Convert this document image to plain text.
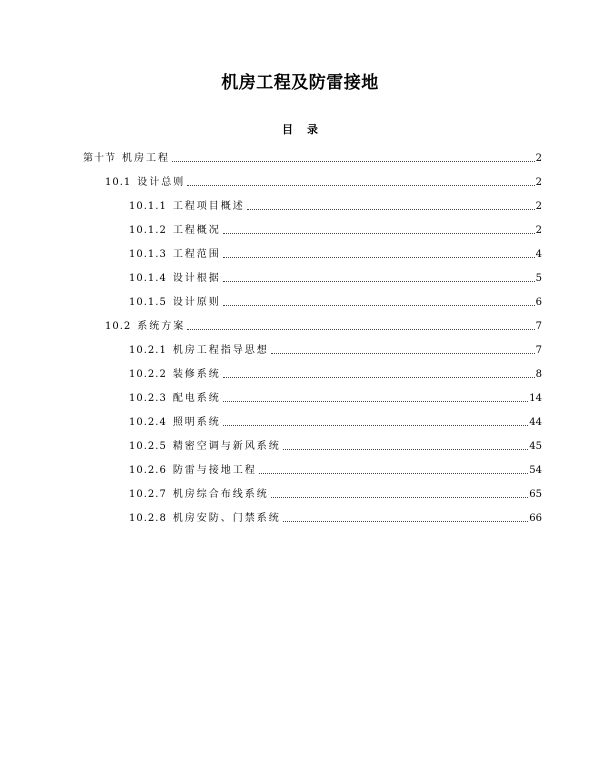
机房工程及防雷接地
目录
第十节 机房工程	2
10.1 设计总则	2
10.1.1 工程项目概述	2
10.1.2 工程概况	2
10.1.3 工程范围	4
10.1.4 设计根据	5
10.1.5 设计原则	6
10.2 系统方案	7
10.2.1 机房工程指导思想	7
10.2.2 装修系统	8
10.2.3 配电系统	14
10.2.4 照明系统	44
10.2.5 精密空调与新风系统	45
10.2.6 防雷与接地工程	54
10.2.7 机房综合布线系统	65
10.2.8 机房安防、门禁系统	66
